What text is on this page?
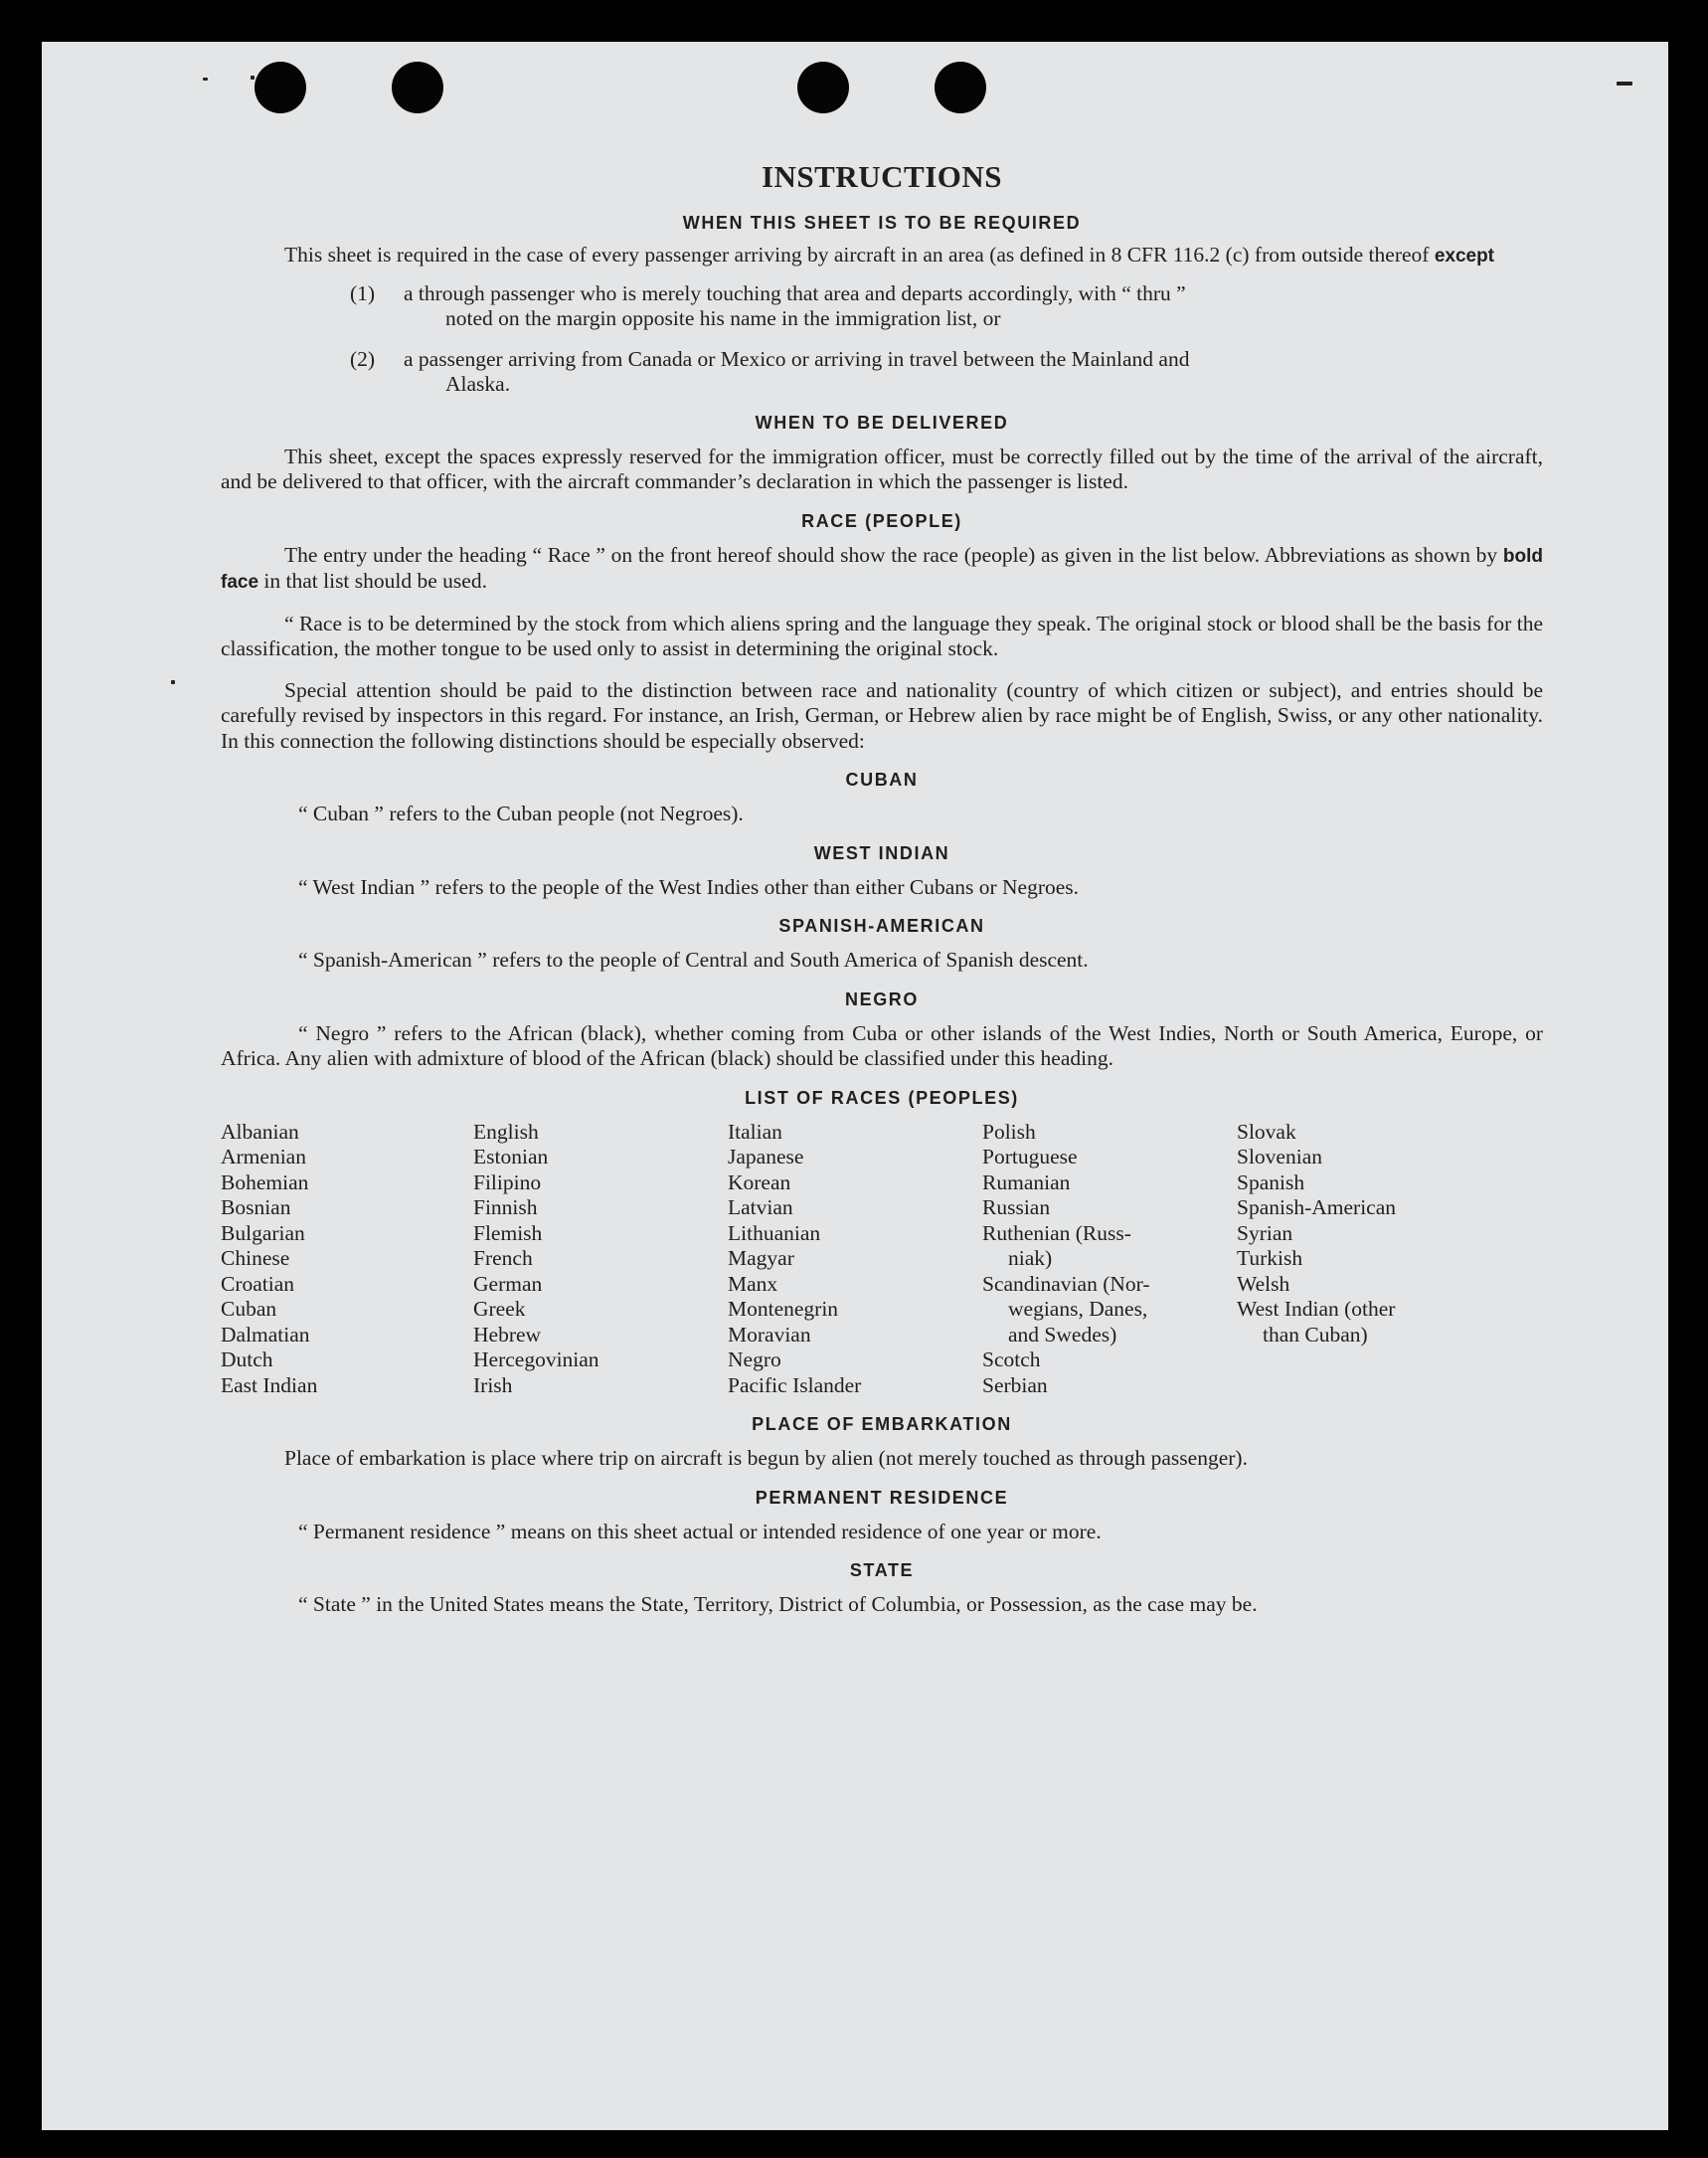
INSTRUCTIONS
WHEN THIS SHEET IS TO BE REQUIRED

This sheet is required in the case of every passenger arriving by aircraft in an area (as defined in 8 CFR 116.2 (c) from outside thereof except

(1) a through passenger who is merely touching that area and departs accordingly, with “ thru ”
noted on the margin opposite his name in the immigration list, or
(2) a passenger arriving from Canada or Mexico or arriving in travel between the Mainland and
Alaska.
WHEN TO BE DELIVERED

This sheet, except the spaces expressly reserved for the immigration officer, must be correctly filled out by the time of the arrival of the aircraft, and be delivered to that officer, with the aircraft commander’s declaration in which the passenger is listed.

RACE (PEOPLE)

The entry under the heading “ Race ” on the front hereof should show the race (people) as given in the list below. Abbreviations as shown by bold face in that list should be used.

“ Race is to be determined by the stock from which aliens spring and the language they speak. The original stock or blood shall be the basis for the classification, the mother tongue to be used only to assist in determining the original stock.

Special attention should be paid to the distinction between race and nationality (country of which citizen or subject), and entries should be carefully revised by inspectors in this regard. For instance, an Irish, German, or Hebrew alien by race might be of English, Swiss, or any other nationality. In this connection the following distinctions should be especially observed:

CUBAN

“ Cuban ” refers to the Cuban people (not Negroes).

WEST INDIAN

“ West Indian ” refers to the people of the West Indies other than either Cubans or Negroes.

SPANISH-AMERICAN

“ Spanish-American ” refers to the people of Central and South America of Spanish descent.

NEGRO

“ Negro ” refers to the African (black), whether coming from Cuba or other islands of the West Indies, North or South America, Europe, or Africa. Any alien with admixture of blood of the African (black) should be classified under this heading.

LIST OF RACES (PEOPLES)
Albanian
Armenian
Bohemian
Bosnian
Bulgarian
Chinese
Croatian
Cuban
Dalmatian
Dutch
East Indian
English
Estonian
Filipino
Finnish
Flemish
French
German
Greek
Hebrew
Hercegovinian
Irish
Italian
Japanese
Korean
Latvian
Lithuanian
Magyar
Manx
Montenegrin
Moravian
Negro
Pacific Islander
Polish
Portuguese
Rumanian
Russian
Ruthenian (Russ-
niak)
Scandinavian (Nor-
wegians, Danes,
and Swedes)
Scotch
Serbian
Slovak
Slovenian
Spanish
Spanish-American
Syrian
Turkish
Welsh
West Indian (other
than Cuban)
PLACE OF EMBARKATION

Place of embarkation is place where trip on aircraft is begun by alien (not merely touched as through passenger).

PERMANENT RESIDENCE

“ Permanent residence ” means on this sheet actual or intended residence of one year or more.

STATE

“ State ” in the United States means the State, Territory, District of Columbia, or Possession, as the case may be.
